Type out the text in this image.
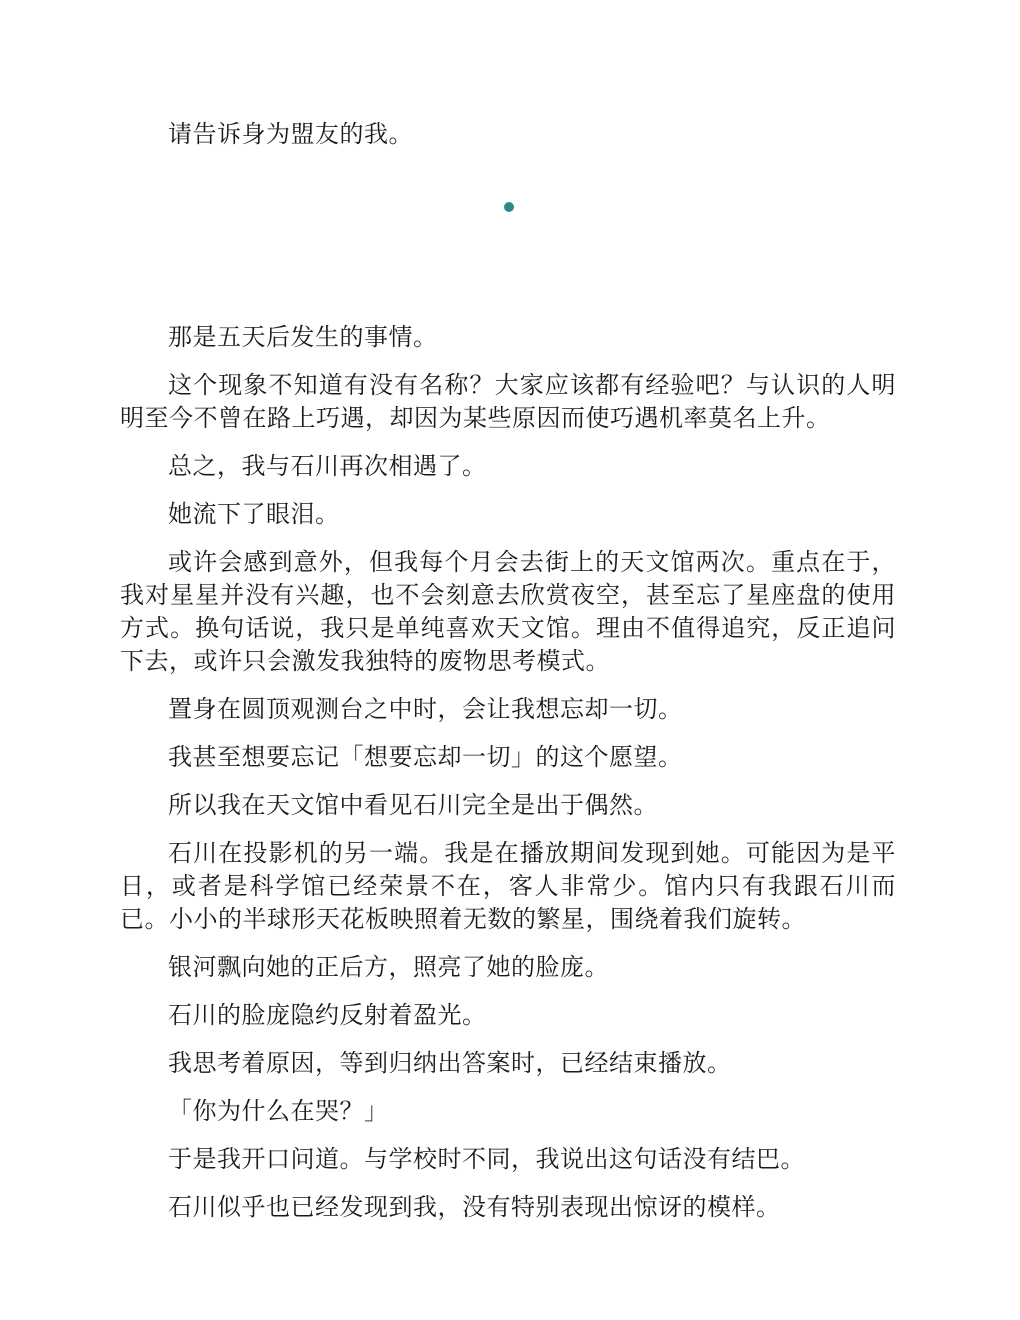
请告诉身为盟友的我。

那是五天后发生的事情。

这个现象不知道有没有名称？大家应该都有经验吧？与认识的人明明至今不曾在路上巧遇，却因为某些原因而使巧遇机率莫名上升。

总之，我与石川再次相遇了。

她流下了眼泪。

或许会感到意外，但我每个月会去街上的天文馆两次。重点在于，我对星星并没有兴趣，也不会刻意去欣赏夜空，甚至忘了星座盘的使用方式。换句话说，我只是单纯喜欢天文馆。理由不值得追究，反正追问下去，或许只会激发我独特的废物思考模式。

置身在圆顶观测台之中时，会让我想忘却一切。

我甚至想要忘记「想要忘却一切」的这个愿望。

所以我在天文馆中看见石川完全是出于偶然。

石川在投影机的另一端。我是在播放期间发现到她。可能因为是平日，或者是科学馆已经荣景不在，客人非常少。馆内只有我跟石川而已。小小的半球形天花板映照着无数的繁星，围绕着我们旋转。

银河飘向她的正后方，照亮了她的脸庞。

石川的脸庞隐约反射着盈光。

我思考着原因，等到归纳出答案时，已经结束播放。

「你为什么在哭？」

于是我开口问道。与学校时不同，我说出这句话没有结巴。

石川似乎也已经发现到我，没有特别表现出惊讶的模样。
